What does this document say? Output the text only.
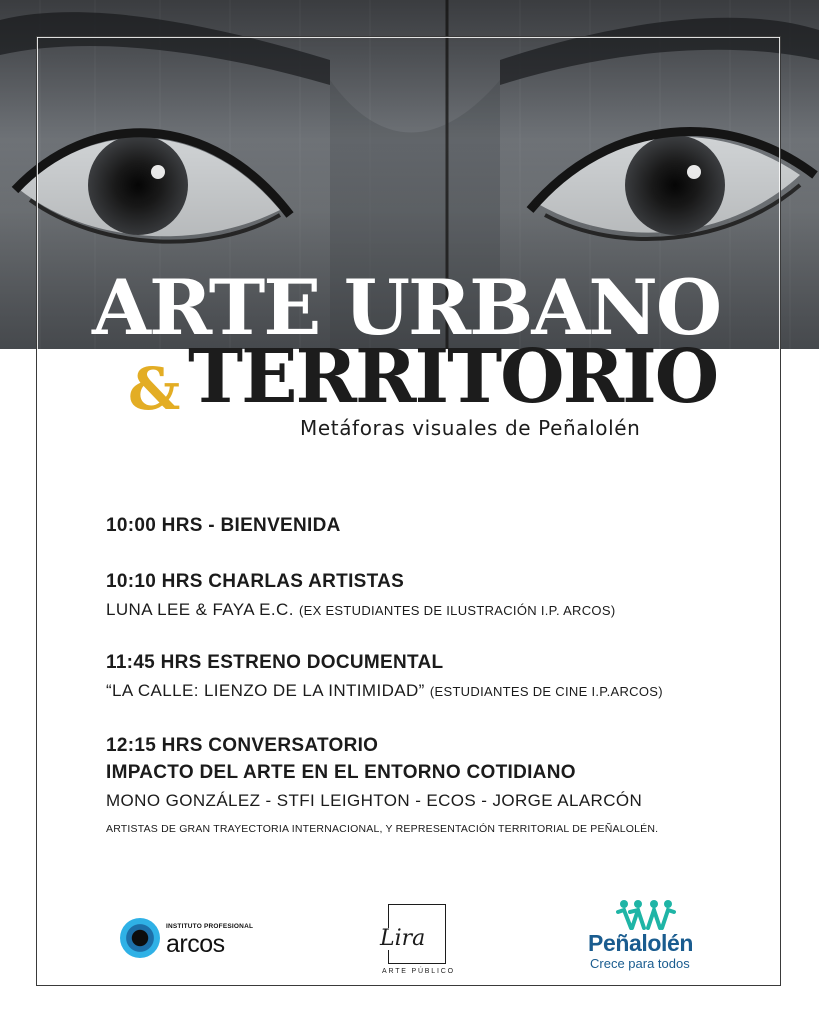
ARTE URBANO
& TERRITORIO
Metáforas visuales de Peñalolén
10:00 HRS - BIENVENIDA
10:10 HRS CHARLAS ARTISTAS
LUNA LEE & FAYA E.C. (EX ESTUDIANTES DE ILUSTRACIÓN I.P. ARCOS)
11:45 HRS ESTRENO DOCUMENTAL
“LA CALLE: LIENZO DE LA INTIMIDAD” (ESTUDIANTES DE CINE I.P.ARCOS)
12:15 HRS CONVERSATORIO
IMPACTO DEL ARTE EN EL ENTORNO COTIDIANO
MONO GONZÁLEZ - STFI LEIGHTON - ECOS - JORGE ALARCÓN
ARTISTAS DE GRAN TRAYECTORIA INTERNACIONAL, Y REPRESENTACIÓN TERRITORIAL DE PEÑALOLÉN.
INSTITUTO PROFESIONAL
arcos	Lira
ARTE PÚBLICO
Peñalolén
Crece para todos
